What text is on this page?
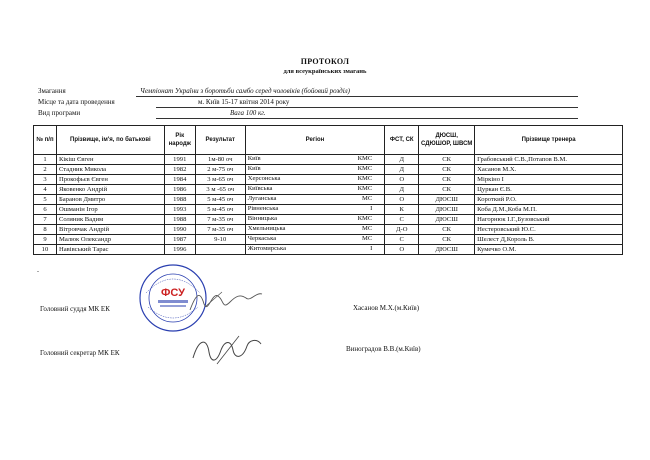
ПРОТОКОЛ
для всеукраїнських змагань
Змагання	Чемпіонат України з боротьби самбо серед чоловіків (бойовий розділ)
Місце та дата проведення	м. Київ 15-17 квітня 2014 року
Вид програми	Вага 100 кг.
№ п/п	Прізвище, ім'я, по батькові	Рік народж	Результат	Регіон	ФСТ, СК	ДЮСШ, СДЮШОР, ШВСМ	Прізвище тренера
1	Кікіш Євген	1991	1м-80 оч	Київ КМС	Д	СК	Грабовський С.В.,Потапов В.М.
2	Стадник Микола	1982	2 м-75 оч	Київ КМС	Д	СК	Хасанов М.Х.
3	Прокофьєв Євген	1984	3 м-65 оч	Херсонська КМС	О	СК	Міркіно І
4	Яковенко Андрій	1986	3 м -65 оч	Київська КМС	Д	СК	Цуркан Є.В.
5	Баранов Дмитро	1988	5 м-45 оч	Луганська МС	О	ДЮСШ	Короткий Р.О.
6	Ошманін Ігор	1993	5 м-45 оч	Рівненська I	К	ДЮСШ	Коба Д.М.,Коба М.П.
7	Соляник Вадим	1988	7 м-35 оч	Вінницька КМС	С	ДЮСШ	Нагорнюк І.Г.,Бузовський
8	Вітровчак Андрій	1990	7 м-35 оч	Хмельницька МС	Д-О	СК	Нестеровський Ю.С.
9	Малюк Олександр	1987	9-10	Черкаська МС	С	СК	Шелест Д,Король В.
10	Навівський Тарас	1996		Житомирська I	О	ДЮСШ	Кумечко О.М.
-
ФСУ
Головний суддя МК ЕК	Хасанов М.Х.(м.Київ)
Головний секретар МК ЕК	Виноградов В.В.(м.Київ)
